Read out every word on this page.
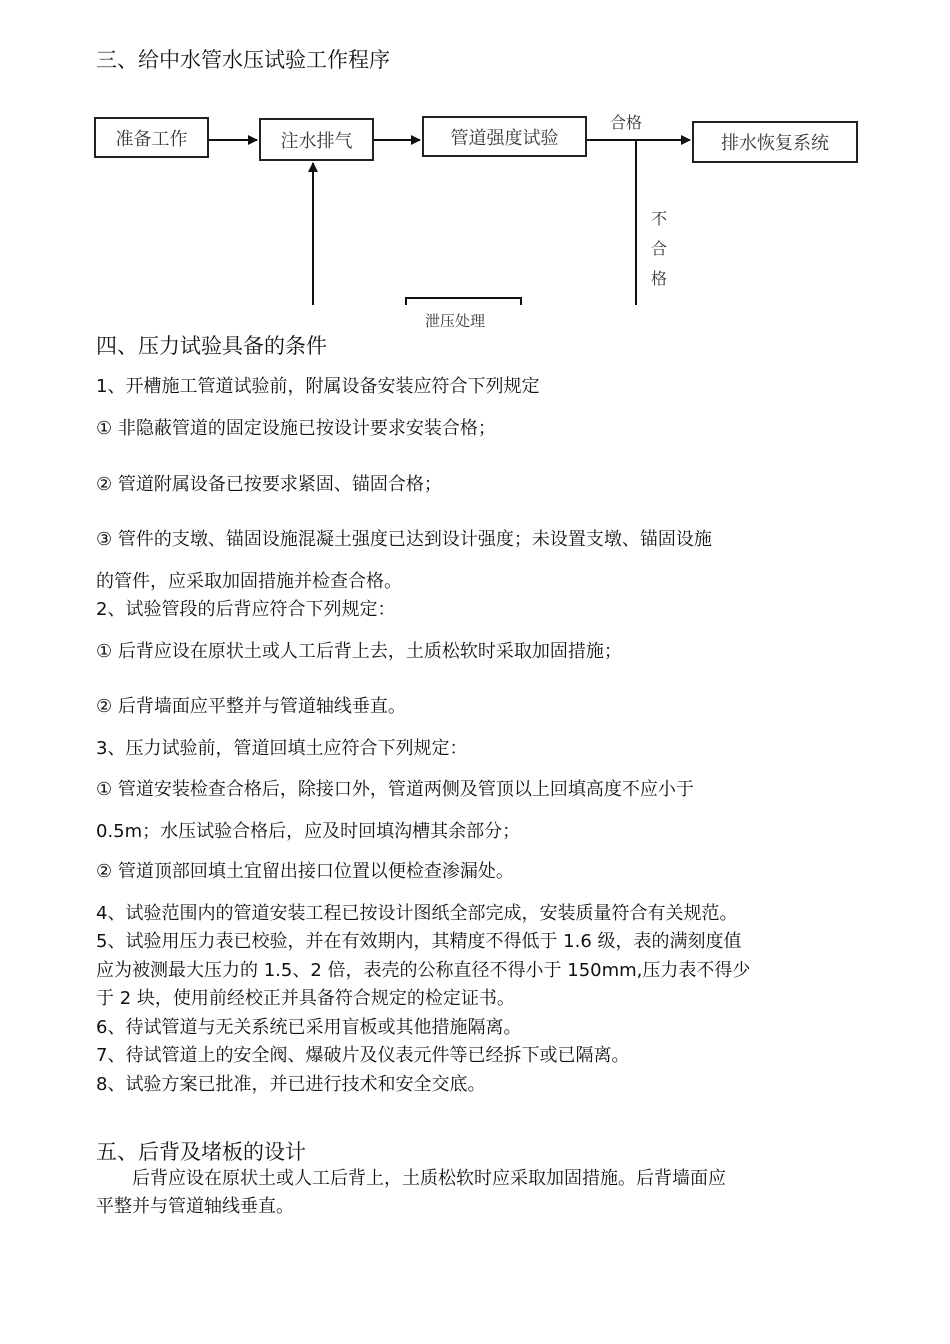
三、给中水管水压试验工作程序
准备工作	注水排气	管道强度试验	排水恢复系统
合格
不
合
格
泄压处理
四、压力试验具备的条件

1、开槽施工管道试验前，附属设备安装应符合下列规定

① 非隐蔽管道的固定设施已按设计要求安装合格；

② 管道附属设备已按要求紧固、锚固合格；

③ 管件的支墩、锚固设施混凝土强度已达到设计强度；未设置支墩、锚固设施

的管件，应采取加固措施并检查合格。

2、试验管段的后背应符合下列规定：

① 后背应设在原状土或人工后背上去，土质松软时采取加固措施；

② 后背墙面应平整并与管道轴线垂直。

3、压力试验前，管道回填土应符合下列规定：

① 管道安装检查合格后，除接口外，管道两侧及管顶以上回填高度不应小于

0.5m；水压试验合格后，应及时回填沟槽其余部分；

② 管道顶部回填土宜留出接口位置以便检查渗漏处。

4、试验范围内的管道安装工程已按设计图纸全部完成，安装质量符合有关规范。

5、试验用压力表已校验，并在有效期内，其精度不得低于 1.6 级，表的满刻度值

应为被测最大压力的 1.5、2 倍，表壳的公称直径不得小于 150mm,压力表不得少

于 2 块，使用前经校正并具备符合规定的检定证书。

6、待试管道与无关系统已采用盲板或其他措施隔离。

7、待试管道上的安全阀、爆破片及仪表元件等已经拆下或已隔离。

8、试验方案已批准，并已进行技术和安全交底。

五、后背及堵板的设计

　　后背应设在原状土或人工后背上，土质松软时应采取加固措施。后背墙面应

平整并与管道轴线垂直。
